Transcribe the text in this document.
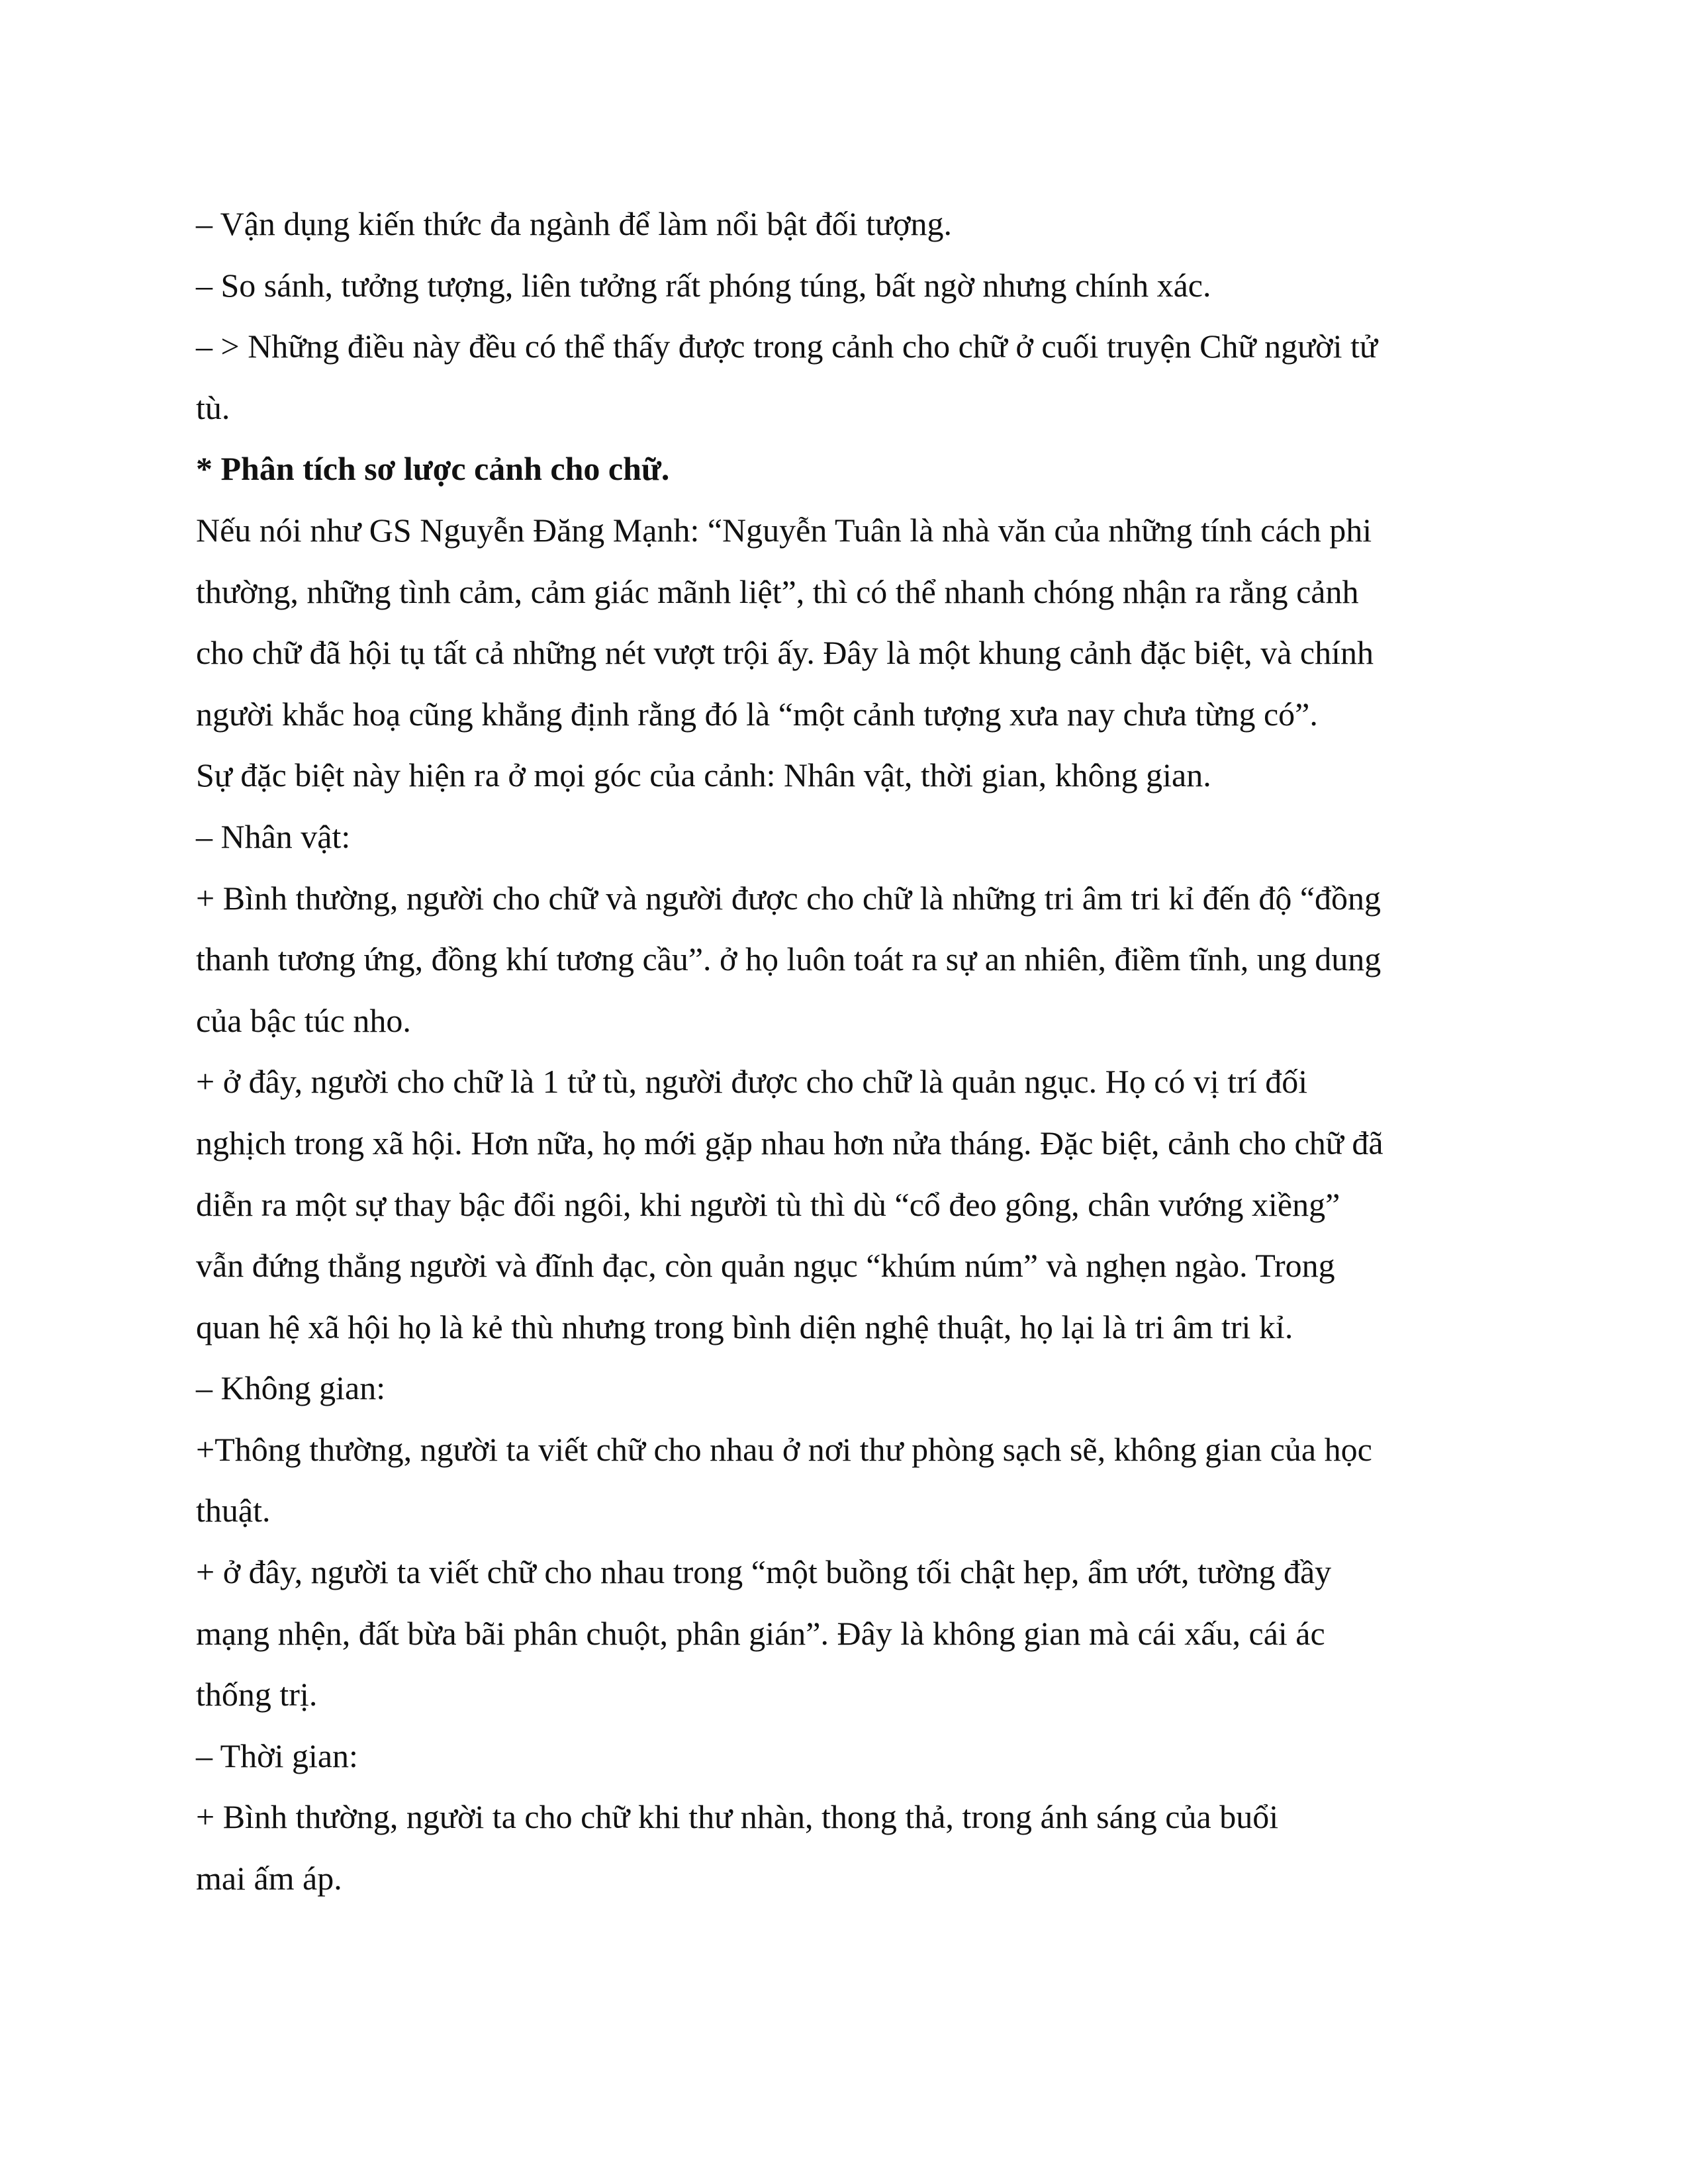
– Vận dụng kiến thức đa ngành để làm nổi bật đối tượng.
– So sánh, tưởng tượng, liên tưởng rất phóng túng, bất ngờ nhưng chính xác.
– > Những điều này đều có thể thấy được trong cảnh cho chữ ở cuối truyện Chữ người tử
tù.
* Phân tích sơ lược cảnh cho chữ.
Nếu nói như GS Nguyễn Đăng Mạnh: “Nguyễn Tuân là nhà văn của những tính cách phi
thường, những tình cảm, cảm giác mãnh liệt”, thì có thể nhanh chóng nhận ra rằng cảnh
cho chữ đã hội tụ tất cả những nét vượt trội ấy. Đây là một khung cảnh đặc biệt, và chính
người khắc hoạ cũng khẳng định rằng đó là “một cảnh tượng xưa nay chưa từng có”.
Sự đặc biệt này hiện ra ở mọi góc của cảnh: Nhân vật, thời gian, không gian.
– Nhân vật:
+ Bình thường, người cho chữ và người được cho chữ là những tri âm tri kỉ đến độ “đồng
thanh tương ứng, đồng khí tương cầu”. ở họ luôn toát ra sự an nhiên, điềm tĩnh, ung dung
của bậc túc nho.
+ ở đây, người cho chữ là 1 tử tù, người được cho chữ là quản ngục. Họ có vị trí đối
nghịch trong xã hội. Hơn nữa, họ mới gặp nhau hơn nửa tháng. Đặc biệt, cảnh cho chữ đã
diễn ra một sự thay bậc đổi ngôi, khi người tù thì dù “cổ đeo gông, chân vướng xiềng”
vẫn đứng thẳng người và đĩnh đạc, còn quản ngục “khúm núm” và nghẹn ngào. Trong
quan hệ xã hội họ là kẻ thù nhưng trong bình diện nghệ thuật, họ lại là tri âm tri kỉ.
– Không gian:
+Thông thường, người ta viết chữ cho nhau ở nơi thư phòng sạch sẽ, không gian của học
thuật.
+ ở đây, người ta viết chữ cho nhau trong “một buồng tối chật hẹp, ẩm ướt, tường đầy
mạng nhện, đất bừa bãi phân chuột, phân gián”. Đây là không gian mà cái xấu, cái ác
thống trị.
– Thời gian:
+ Bình thường, người ta cho chữ khi thư nhàn, thong thả, trong ánh sáng của buổi
mai ấm áp.
